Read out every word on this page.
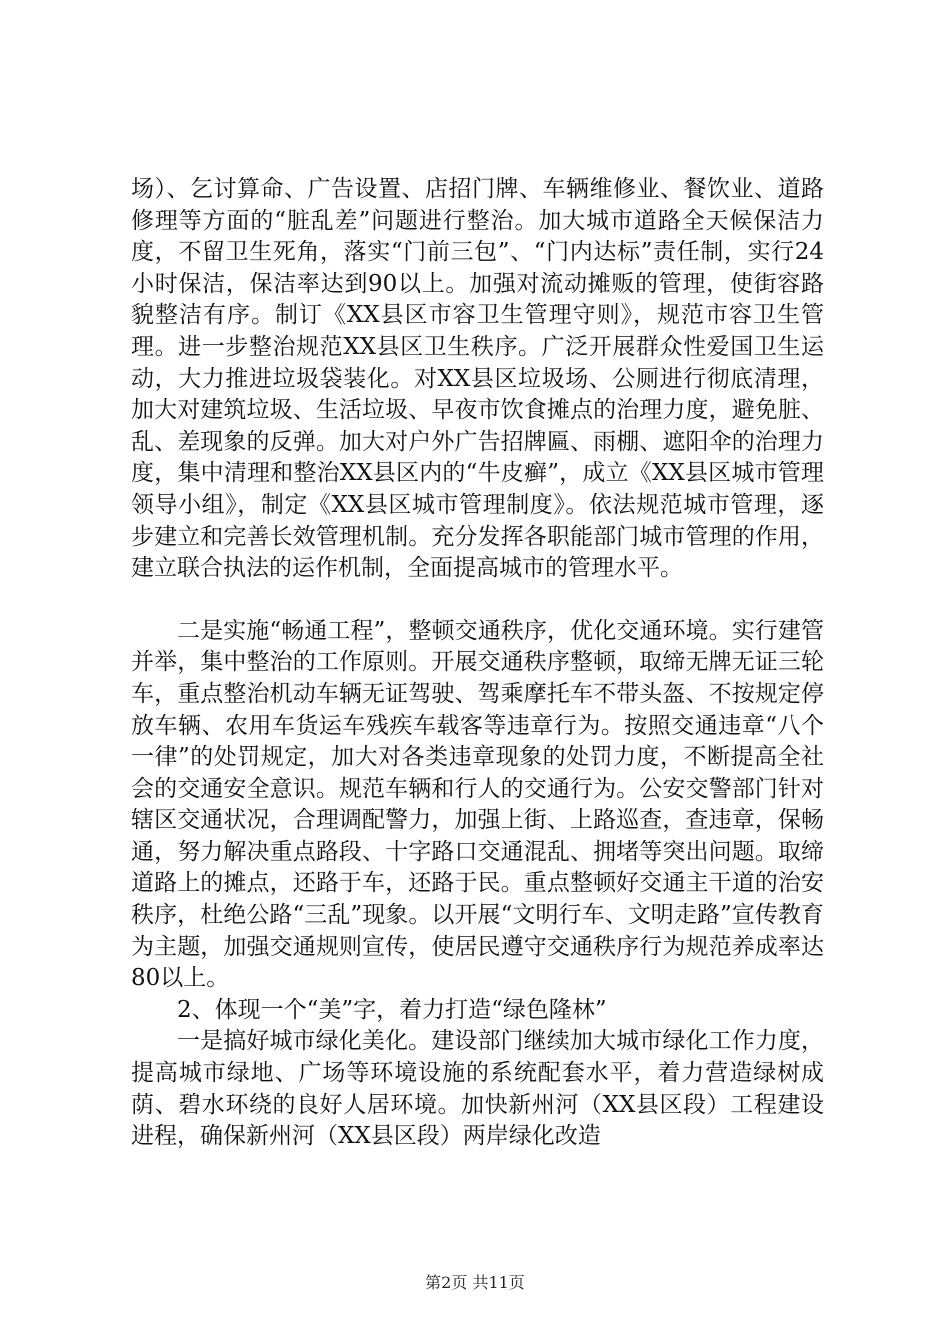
场）、乞讨算命、广告设置、店招门牌、车辆维修业、餐饮业、道路修理等方面的“脏乱差”问题进行整治。加大城市道路全天候保洁力度，不留卫生死角，落实“门前三包”、“门内达标”责任制，实行24小时保洁，保洁率达到90以上。加强对流动摊贩的管理，使街容路貌整洁有序。制订《XX县区市容卫生管理守则》，规范市容卫生管理。进一步整治规范XX县区卫生秩序。广泛开展群众性爱国卫生运动，大力推进垃圾袋装化。对XX县区垃圾场、公厕进行彻底清理，加大对建筑垃圾、生活垃圾、早夜市饮食摊点的治理力度，避免脏、乱、差现象的反弹。加大对户外广告招牌匾、雨棚、遮阳伞的治理力度，集中清理和整治XX县区内的“牛皮癣”，成立《XX县区城市管理领导小组》，制定《XX县区城市管理制度》。依法规范城市管理，逐步建立和完善长效管理机制。充分发挥各职能部门城市管理的作用，建立联合执法的运作机制，全面提高城市的管理水平。

二是实施“畅通工程”，整顿交通秩序，优化交通环境。实行建管并举，集中整治的工作原则。开展交通秩序整顿，取缔无牌无证三轮车，重点整治机动车辆无证驾驶、驾乘摩托车不带头盔、不按规定停放车辆、农用车货运车残疾车载客等违章行为。按照交通违章“八个一律”的处罚规定，加大对各类违章现象的处罚力度，不断提高全社会的交通安全意识。规范车辆和行人的交通行为。公安交警部门针对辖区交通状况，合理调配警力，加强上街、上路巡查，查违章，保畅通，努力解决重点路段、十字路口交通混乱、拥堵等突出问题。取缔道路上的摊点，还路于车，还路于民。重点整顿好交通主干道的治安秩序，杜绝公路“三乱”现象。以开展“文明行车、文明走路”宣传教育为主题，加强交通规则宣传，使居民遵守交通秩序行为规范养成率达80以上。

2、体现一个“美”字，着力打造“绿色隆林”

一是搞好城市绿化美化。建设部门继续加大城市绿化工作力度，提高城市绿地、广场等环境设施的系统配套水平，着力营造绿树成荫、碧水环绕的良好人居环境。加快新州河（XX县区段）工程建设进程，确保新州河（XX县区段）两岸绿化改造

第2页 共11页
